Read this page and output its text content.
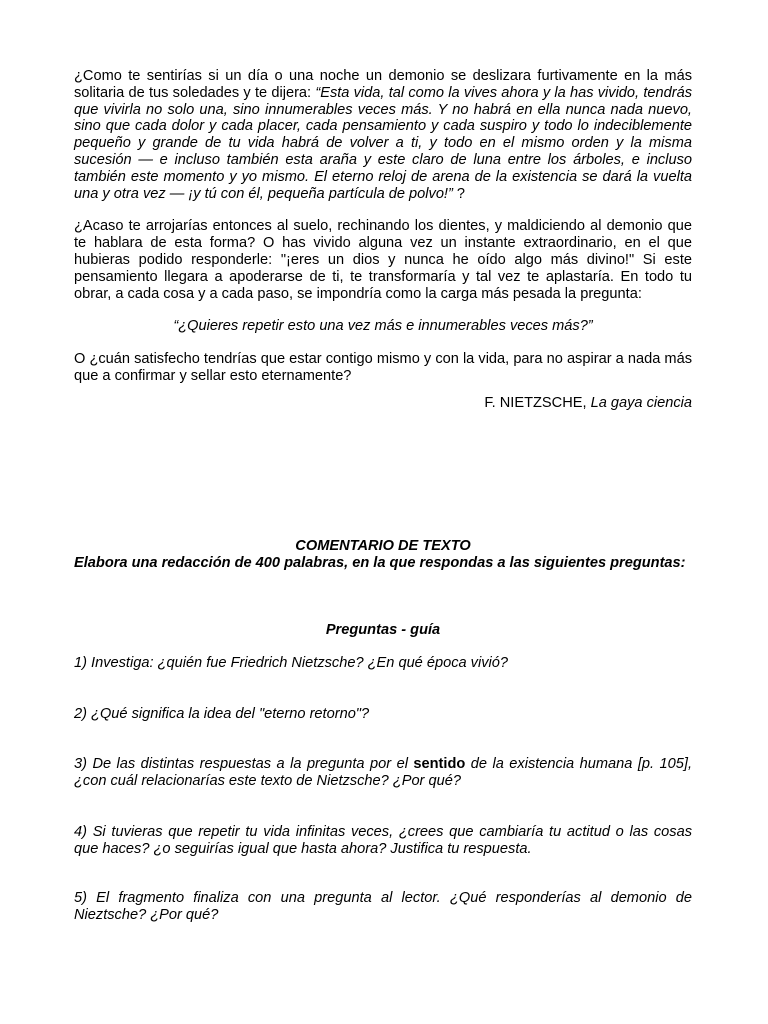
¿Como te sentirías si un día o una noche un demonio se deslizara furtivamente en la más solitaria de tus soledades y te dijera: “Esta vida, tal como la vives ahora y la has vivido, tendrás que vivirla no solo una, sino innumerables veces más. Y no habrá en ella nunca nada nuevo, sino que cada dolor y cada placer, cada pensamiento y cada suspiro y todo lo indeciblemente pequeño y grande de tu vida habrá de volver a ti, y todo en el mismo orden y la misma sucesión — e incluso también esta araña y este claro de luna entre los árboles, e incluso también este momento y yo mismo. El eterno reloj de arena de la existencia se dará la vuelta una y otra vez — ¡y tú con él, pequeña partícula de polvo!” ?

¿Acaso te arrojarías entonces al suelo, rechinando los dientes, y maldiciendo al demonio que te hablara de esta forma? O has vivido alguna vez un instante extraordinario, en el que hubieras podido responderle: "¡eres un dios y nunca he oído algo más divino!" Si este pensamiento llegara a apoderarse de ti, te transformaría y tal vez te aplastaría. En todo tu obrar, a cada cosa y a cada paso, se impondría como la carga más pesada la pregunta:

“¿Quieres repetir esto una vez más e innumerables veces más?”

O ¿cuán satisfecho tendrías que estar contigo mismo y con la vida, para no aspirar a nada más que a confirmar y sellar esto eternamente?

F. NIETZSCHE, La gaya ciencia

COMENTARIO DE TEXTO
Elabora una redacción de 400 palabras, en la que respondas a las siguientes preguntas:
Preguntas - guía
1) Investiga: ¿quién fue Friedrich Nietzsche? ¿En qué época vivió?
2) ¿Qué significa la idea del "eterno retorno"?
3) De las distintas respuestas a la pregunta por el sentido de la existencia humana [p. 105], ¿con cuál relacionarías este texto de Nietzsche? ¿Por qué?
4) Si tuvieras que repetir tu vida infinitas veces, ¿crees que cambiaría tu actitud o las cosas que haces? ¿o seguirías igual que hasta ahora? Justifica tu respuesta.
5) El fragmento finaliza con una pregunta al lector. ¿Qué responderías al demonio de Nieztsche? ¿Por qué?
